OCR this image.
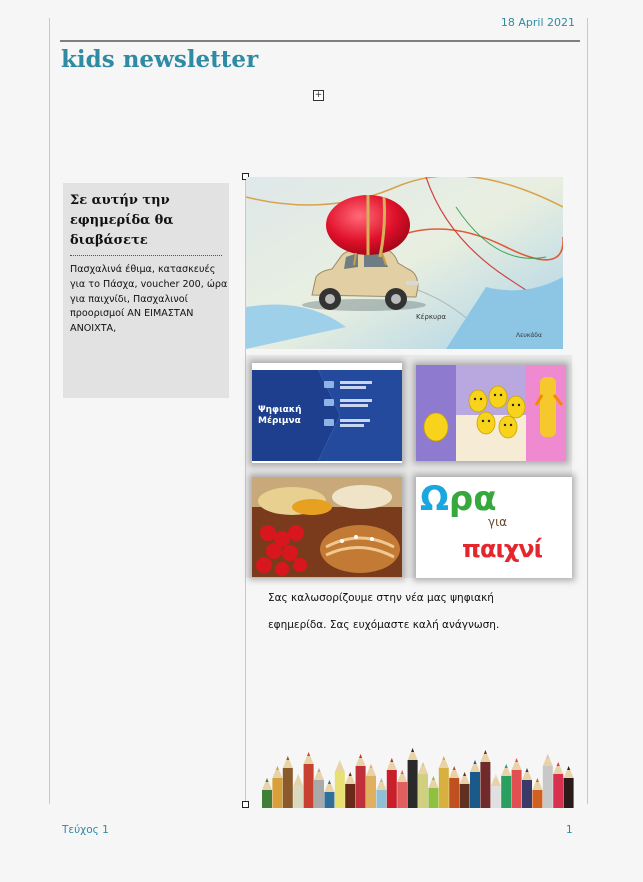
18 April 2021
kids newsletter
+
Σε αυτήν την εφημερίδα θα διαβάσετε

Πασχαλινά έθιμα, κατασκευές για το Πάσχα, voucher 200, ώρα για παιχνίδι, Πασχαλινοί προορισμοί ΑΝ ΕΙΜΑΣΤΑΝ ΑΝΟΙΧΤΑ,

Κέρκυρα
Λευκάδα
Ψηφιακή
Μέριμνα
Ωρα
για
παιχνί
Σας καλωσορίζουμε στην νέα μας ψηφιακή
εφημερίδα. Σας ευχόμαστε καλή ανάγνωση.
Τεύχος 1	1
